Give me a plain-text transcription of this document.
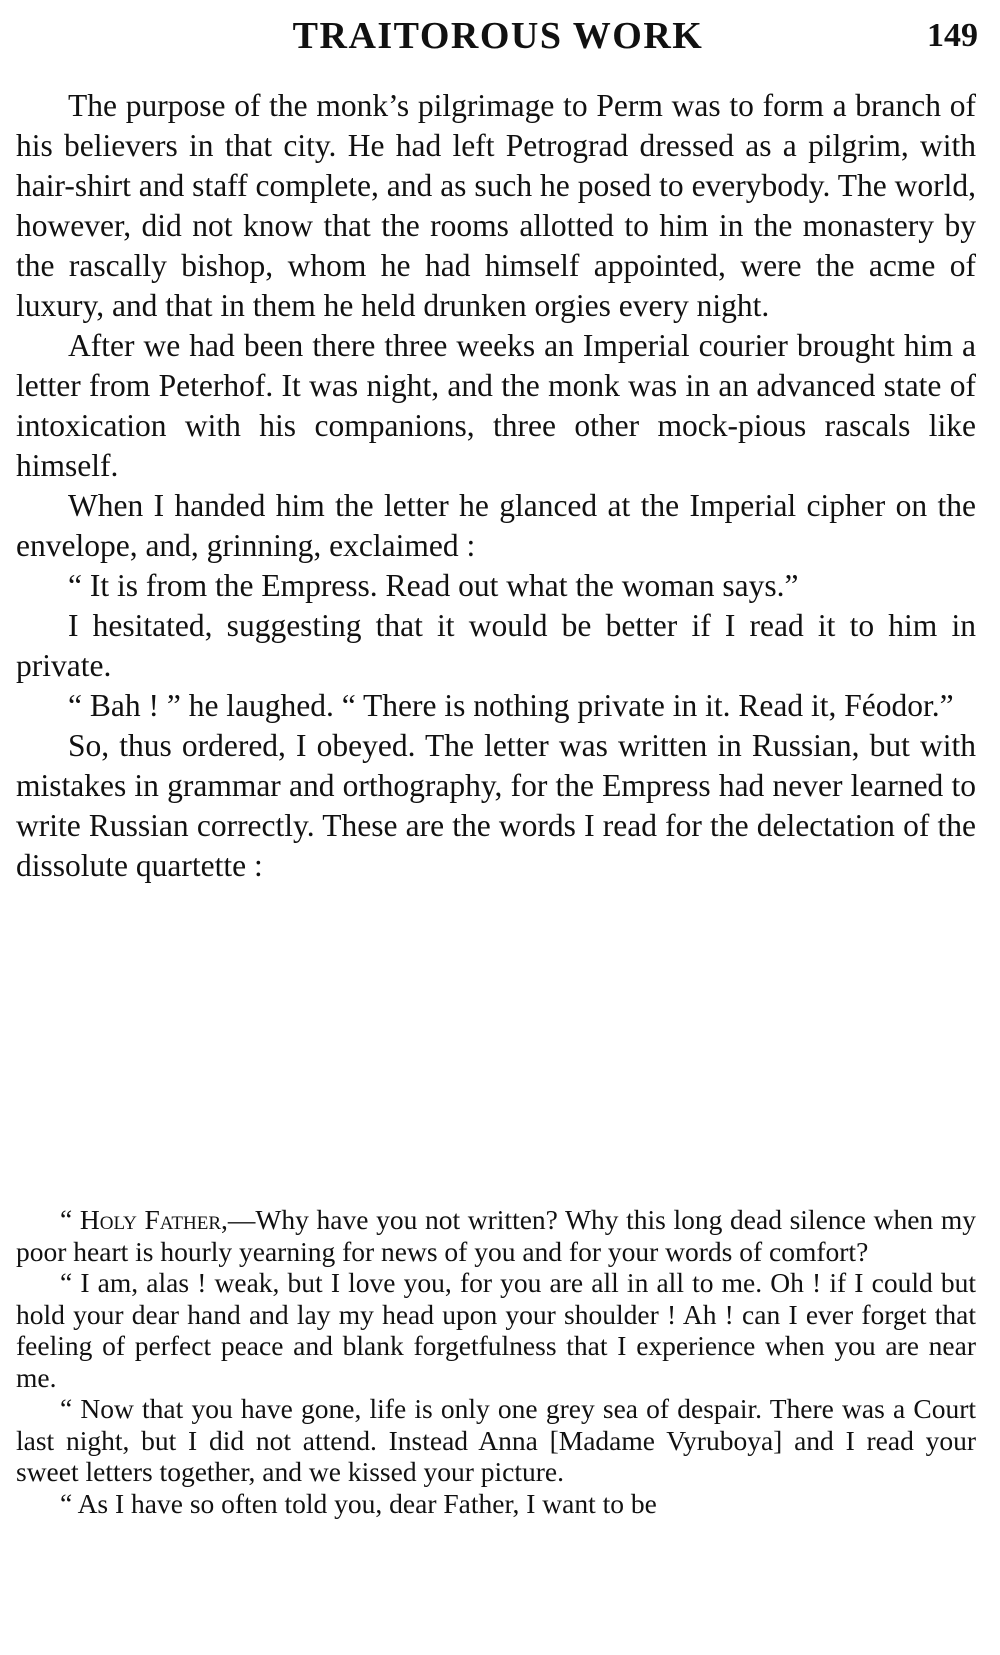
TRAITOROUS WORK	149

The purpose of the monk’s pilgrimage to Perm was to form a branch of his believers in that city. He had left Petrograd dressed as a pilgrim, with hair-shirt and staff complete, and as such he posed to everybody. The world, however, did not know that the rooms allotted to him in the monastery by the rascally bishop, whom he had himself appointed, were the acme of luxury, and that in them he held drunken orgies every night.

After we had been there three weeks an Imperial courier brought him a letter from Peterhof. It was night, and the monk was in an advanced state of intoxication with his companions, three other mock-pious rascals like himself.

When I handed him the letter he glanced at the Imperial cipher on the envelope, and, grinning, exclaimed :

“ It is from the Empress. Read out what the woman says.”

I hesitated, suggesting that it would be better if I read it to him in private.

“ Bah ! ” he laughed. “ There is nothing private in it. Read it, Féodor.”

So, thus ordered, I obeyed. The letter was written in Russian, but with mistakes in grammar and orthography, for the Empress had never learned to write Russian correctly. These are the words I read for the delectation of the dissolute quartette :

“ Holy Father,—Why have you not written? Why this long dead silence when my poor heart is hourly yearning for news of you and for your words of comfort?

“ I am, alas ! weak, but I love you, for you are all in all to me. Oh ! if I could but hold your dear hand and lay my head upon your shoulder ! Ah ! can I ever forget that feeling of perfect peace and blank forgetfulness that I experience when you are near me.

“ Now that you have gone, life is only one grey sea of despair. There was a Court last night, but I did not attend. Instead Anna [Madame Vyruboya] and I read your sweet letters together, and we kissed your picture.

“ As I have so often told you, dear Father, I want to be
